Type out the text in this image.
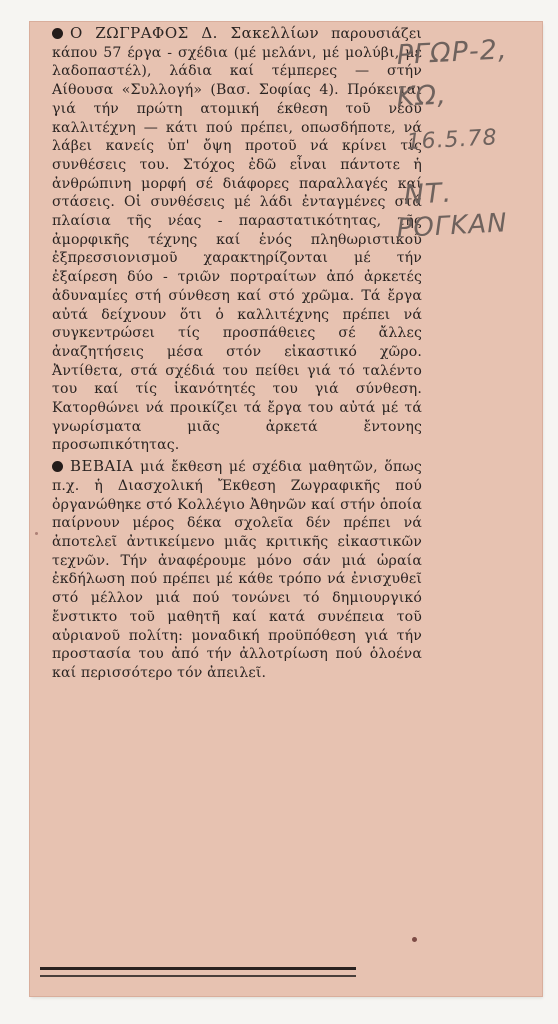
Ο ΖΩΓΡΑΦΟΣ Δ. Σακελλίων παρουσιάζει κάπου 57 έργα - σχέδια (μέ μελάνι, μέ μολύβι, μέ λαδοπαστέλ), λάδια καί τέμπερες — στήν Αίθουσα «Συλλογή» (Βασ. Σοφίας 4). Πρόκειται γιά τήν πρώτη ατομική έκθεση τοῦ νέου καλλιτέχνη — κάτι πού πρέπει, οπωσδήποτε, νά λάβει κανείς ὑπ' ὄψη προτοῦ νά κρίνει τίς συνθέσεις του. Στόχος ἐδῶ εἶναι πάντοτε ἡ ἀνθρώπινη μορφή σέ διάφορες παραλλαγές καί στάσεις. Οἱ συνθέσεις μέ λάδι ἐνταγμένες στά πλαίσια τῆς νέας - παραστατικότητας, τῆς ἀμορφικῆς τέχνης καί ἑνός πληθωριστικοῦ ἐξπρεσσιονισμοῦ χαρακτηρίζονται μέ τήν ἐξαίρεση δύο - τριῶν πορτραίτων ἀπό ἀρκετές ἀδυναμίες στή σύνθεση καί στό χρῶμα. Τά ἔργα αὐτά δείχνουν ὅτι ὁ καλλιτέχνης πρέπει νά συγκεντρώσει τίς προσπάθειες σέ ἄλλες ἀναζητήσεις μέσα στόν εἰκαστικό χῶρο. Ἀντίθετα, στά σχέδιά του πείθει γιά τό ταλέντο του καί τίς ἱκανότητές του γιά σύνθεση. Κατορθώνει νά προικίζει τά ἔργα του αὐτά μέ τά γνωρίσματα μιᾶς ἀρκετά ἔντονης προσωπικότητας.

ΒΕΒΑΙΑ μιά ἔκθεση μέ σχέδια μαθητῶν, ὅπως π.χ. ἡ Διασχολική Ἔκθεση Ζωγραφικῆς πού ὀργανώθηκε στό Κολλέγιο Ἀθηνῶν καί στήν ὁποία παίρνουν μέρος δέκα σχολεῖα δέν πρέπει νά ἀποτελεῖ ἀντικείμενο μιᾶς κριτικῆς εἰκαστικῶν τεχνῶν. Τήν ἀναφέρουμε μόνο σάν μιά ὡραία ἐκδήλωση πού πρέπει μέ κάθε τρόπο νά ἐνισχυθεῖ στό μέλλον μιά πού τονώνει τό δημιουργικό ἔνστικτο τοῦ μαθητῆ καί κατά συνέπεια τοῦ αὐριανοῦ πολίτη: μοναδική προϋπόθεση γιά τήν προστασία του ἀπό τήν ἀλλοτρίωση πού ὁλοένα καί περισσότερο τόν ἀπειλεῖ.

ΡΓΩΡ-2,
ΚΩ,
16.5.78
ΝΤ.
ΡΟΓΚΑΝ
